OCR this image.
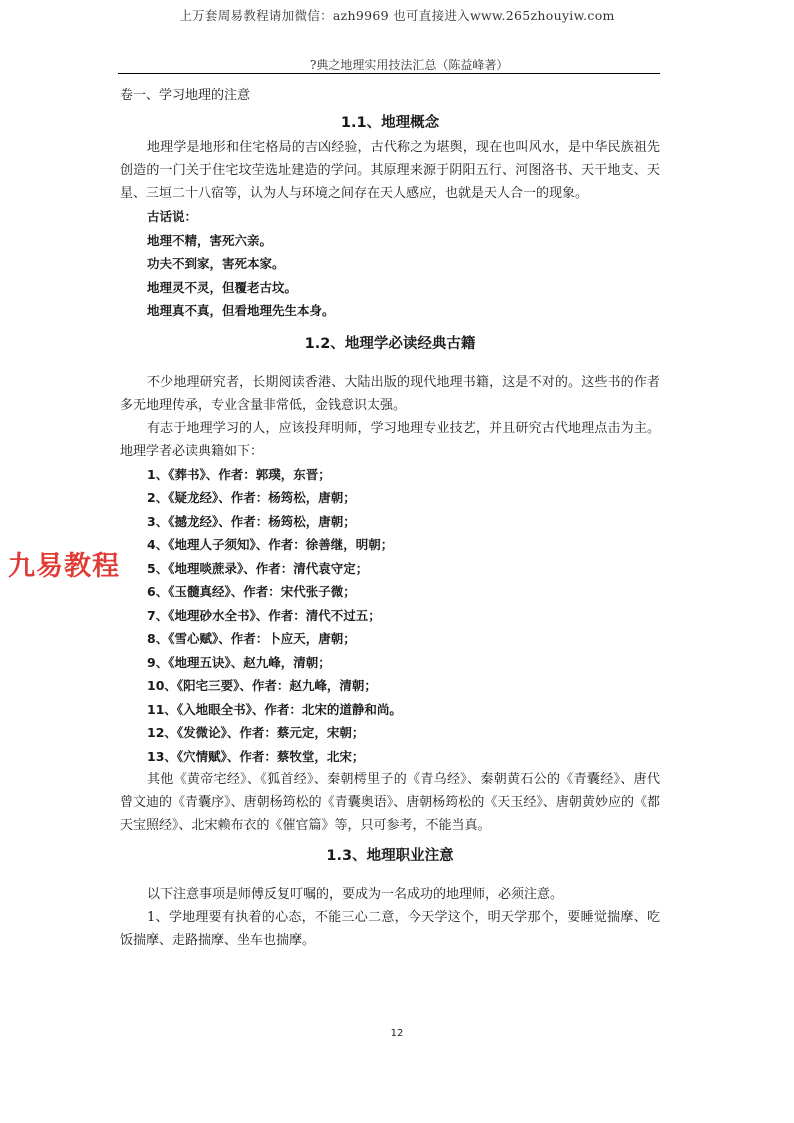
上万套周易教程请加微信：azh9969 也可直接进入www.265zhouyiw.com
?典之地理实用技法汇总（陈益峰著）
九易教程
卷一、学习地理的注意
1.1、地理概念

地理学是地形和住宅格局的吉凶经验，古代称之为堪舆，现在也叫风水，是中华民族祖先创造的一门关于住宅坟茔选址建造的学问。其原理来源于阴阳五行、河图洛书、天干地支、天星、三垣二十八宿等，认为人与环境之间存在天人感应，也就是天人合一的现象。

古话说：
地理不精，害死六亲。
功夫不到家，害死本家。
地理灵不灵，但覆老古坟。
地理真不真，但看地理先生本身。
1.2、地理学必读经典古籍

不少地理研究者，长期阅读香港、大陆出版的现代地理书籍，这是不对的。这些书的作者多无地理传承，专业含量非常低，金钱意识太强。

有志于地理学习的人，应该投拜明师，学习地理专业技艺，并且研究古代地理点击为主。地理学者必读典籍如下：

1、《葬书》、作者：郭璞，东晋；
2、《疑龙经》、作者：杨筠松，唐朝；
3、《撼龙经》、作者：杨筠松，唐朝；
4、《地理人子须知》、作者：徐善继，明朝；
5、《地理啖蔗录》、作者：清代袁守定；
6、《玉髓真经》、作者：宋代张子微；
7、《地理砂水全书》、作者：清代不过五；
8、《雪心赋》、作者：卜应天，唐朝；
9、《地理五诀》、赵九峰，清朝；
10、《阳宅三要》、作者：赵九峰，清朝；
11、《入地眼全书》、作者：北宋的道静和尚。
12、《发微论》、作者：蔡元定，宋朝；
13、《穴情赋》、作者：蔡牧堂，北宋；

其他《黄帝宅经》、《狐首经》、秦朝樗里子的《青乌经》、秦朝黄石公的《青囊经》、唐代曾文迪的《青囊序》、唐朝杨筠松的《青囊奥语》、唐朝杨筠松的《天玉经》、唐朝黄妙应的《都天宝照经》、北宋赖布衣的《催官篇》等，只可参考，不能当真。

1.3、地理职业注意

以下注意事项是师傅反复叮嘱的，要成为一名成功的地理师，必须注意。

1、学地理要有执着的心态，不能三心二意，今天学这个，明天学那个，要睡觉揣摩、吃饭揣摩、走路揣摩、坐车也揣摩。

12
